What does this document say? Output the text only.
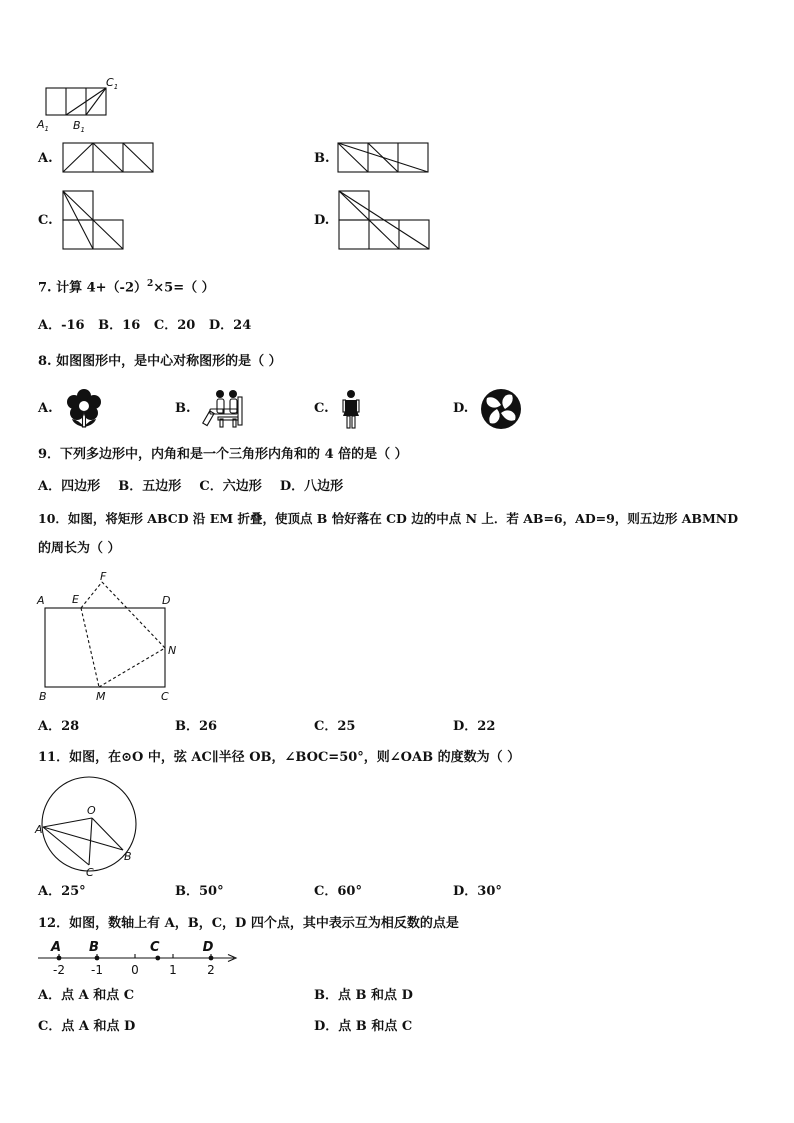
$C_1$
$A_1$ $B_1$
A.	B.
C.	D.
7. 计算 $4+(-2)^2\times 5=$（ ）
A．-16 B．16 C．20 D．24
8. 如图图形中，是中心对称图形的是（ ）
A.	B.	C.	D.
9．下列多边形中，内角和是一个三角形内角和的 4 倍的是（ ）
A．四边形 B．五边形 C．六边形 D．八边形
10．如图，将矩形 ABCD 沿 EM 折叠，使顶点 B 恰好落在 CD 边的中点 N 上．若 AB=6，AD=9，则五边形 ABMND
的周长为（ ）
A E
F
D
N
B	M	C
A．28	B．26	C．25	D．22
11．如图，在⊙O 中，弦 AC∥半径 OB，∠BOC=50°，则∠OAB 的度数为（ ）
O
A
B
C
A．25°	B．50°	C．60°	D．30°
12．如图，数轴上有 A，B，C，D 四个点，其中表示互为相反数的点是
-2 -1 0	1	2
A B	C	D
A．点 A 和点 C	B．点 B 和点 D
C．点 A 和点 D	D．点 B 和点 C
